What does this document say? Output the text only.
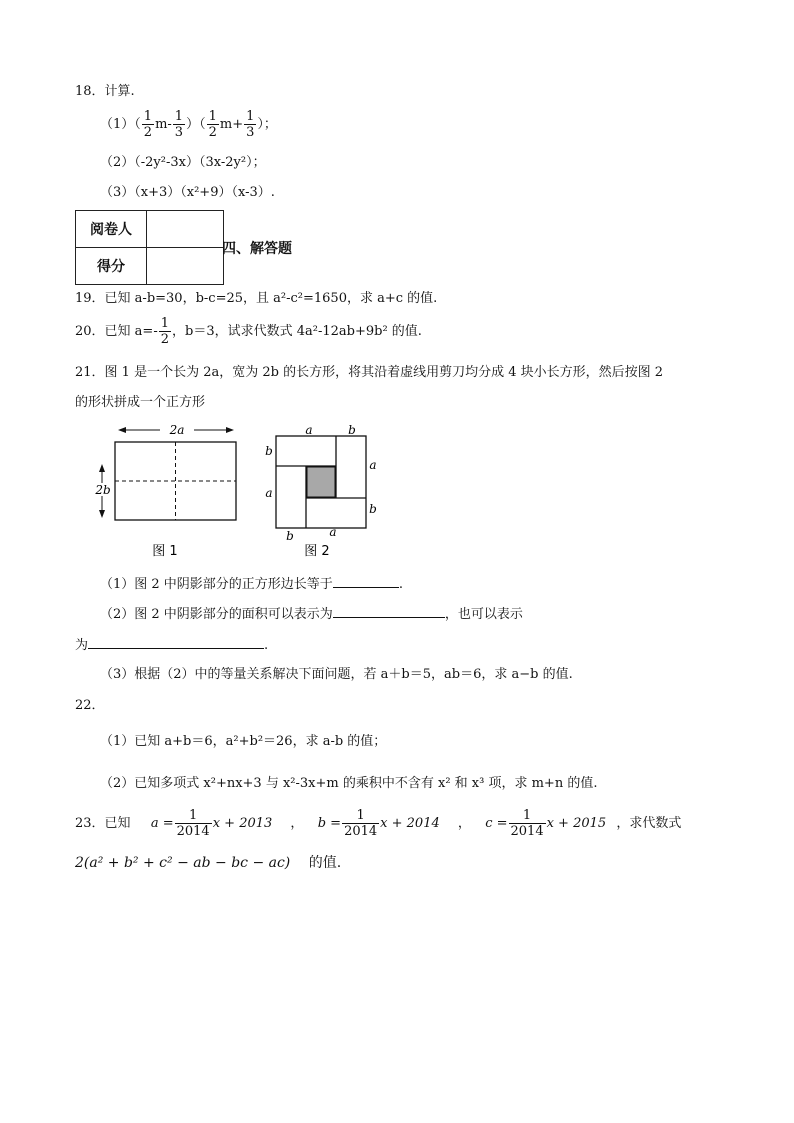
18．计算.
$(1)( \frac{1}{2} m- \frac{1}{3}$ ）（ $\frac{1}{2} m+ \frac{1}{3}$ ）；
（2）（-2y²-3x）（3x-2y²）；
（3）（x+3）（x²+9）（x-3）.
阅卷人	
得分	
四、解答题
19．已知 a-b=30，b-c=25，且 a²-c²=1650，求 a+c 的值.
20．已知 $a=- \frac{1}{2}$ ，b＝3，试求代数式 4a²-12ab+9b² 的值.
21．图 1 是一个长为 2a，宽为 2b 的长方形，将其沿着虚线用剪刀均分成 4 块小长方形，然后按图 2
的形状拼成一个正方形
2a
2b
图 1
a	b
b
a
a
b
b	a
图 2
（1）图 2 中阴影部分的正方形边长等于	.
（2）图 2 中阴影部分的面积可以表示为	，也可以表示
为	.
（3）根据（2）中的等量关系解决下面问题，若 a＋b＝5，ab＝6，求 a−b 的值.
22．
（1）已知 a+b＝6，a²+b²＝26，求 a-b 的值；
（2）已知多项式 x²+nx+3 与 x²-3x+m 的乘积中不含有 x² 和 x³ 项，求 m+n 的值.
23．已知 $a = \frac{1}{2014}$ x + 2013 ， $b = \frac{1}{2014}$ x + 2014 ， $c = \frac{1}{2014}$ x + 2015 ，求代数式
2(a² + b² + c² − ab − bc − ac) 的值.
